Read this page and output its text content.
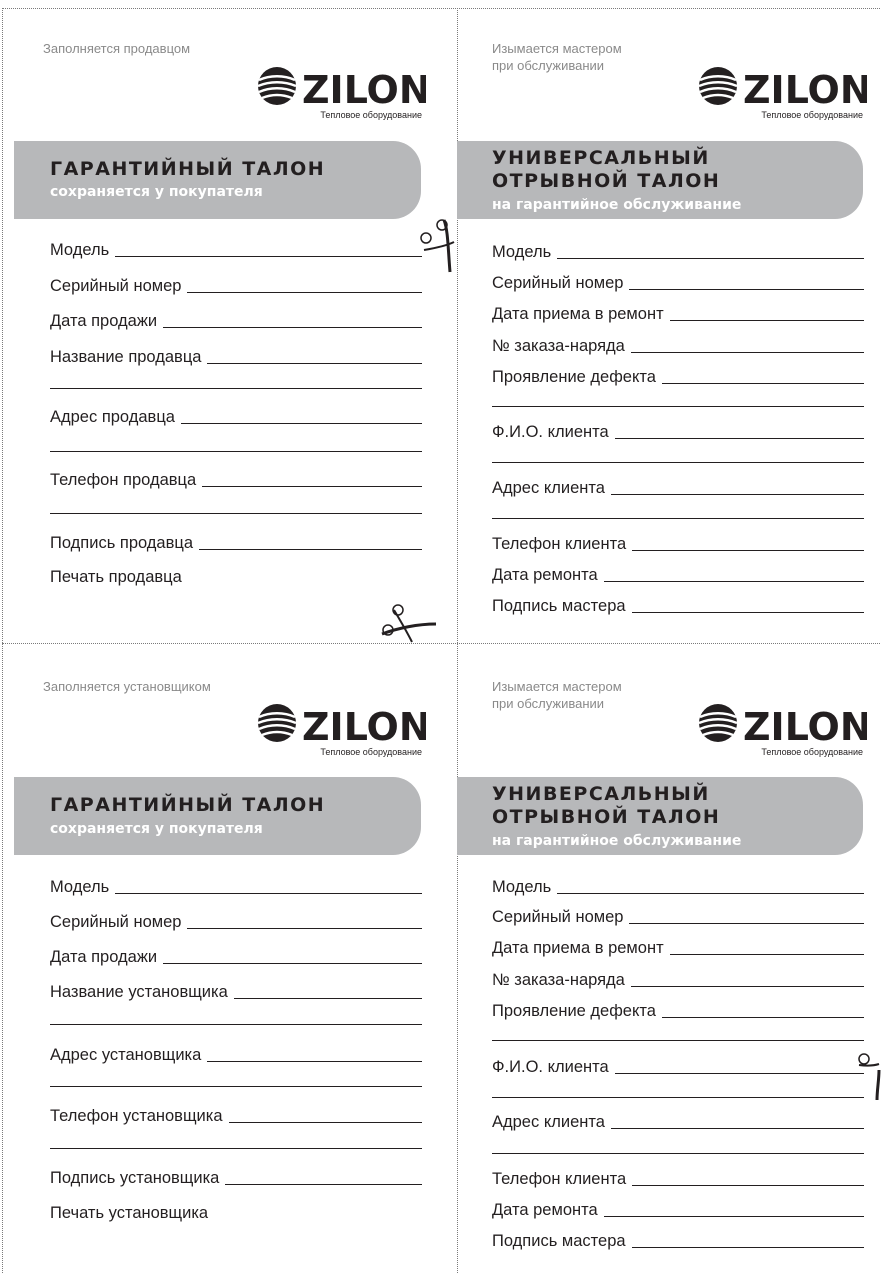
Заполняется продавцом
ZILON
Тепловое оборудование
ГАРАНТИЙНЫЙ ТАЛОН
сохраняется у покупателя
Модель
Серийный номер
Дата продажи
Название продавца
Адрес продавца
Телефон продавца
Подпись продавца
Печать продавца
Изымается мастером
при обслуживании
ZILON
Тепловое оборудование
УНИВЕРСАЛЬНЫЙ
ОТРЫВНОЙ ТАЛОН
на гарантийное обслуживание
Модель
Серийный номер
Дата приема в ремонт
№ заказа-наряда
Проявление дефекта
Ф.И.О. клиента
Адрес клиента
Телефон клиента
Дата ремонта
Подпись мастера
Заполняется установщиком
ZILON
Тепловое оборудование
ГАРАНТИЙНЫЙ ТАЛОН
сохраняется у покупателя
Модель
Серийный номер
Дата продажи
Название установщика
Адрес установщика
Телефон установщика
Подпись установщика
Печать установщика
Изымается мастером
при обслуживании
ZILON
Тепловое оборудование
УНИВЕРСАЛЬНЫЙ
ОТРЫВНОЙ ТАЛОН
на гарантийное обслуживание
Модель
Серийный номер
Дата приема в ремонт
№ заказа-наряда
Проявление дефекта
Ф.И.О. клиента
Адрес клиента
Телефон клиента
Дата ремонта
Подпись мастера
